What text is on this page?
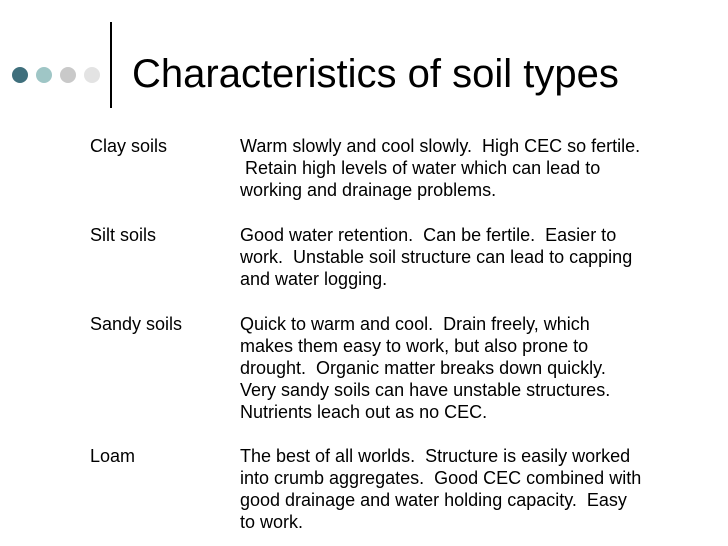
Characteristics of soil types
Clay soils	Warm slowly and cool slowly.  High CEC so fertile.
Retain high levels of water which can lead to
working and drainage problems.
Silt soils	Good water retention.  Can be fertile.  Easier to
work.  Unstable soil structure can lead to capping
and water logging.
Sandy soils	Quick to warm and cool.  Drain freely, which
makes them easy to work, but also prone to
drought.  Organic matter breaks down quickly.
Very sandy soils can have unstable structures.
Nutrients leach out as no CEC.
Loam	The best of all worlds.  Structure is easily worked
into crumb aggregates.  Good CEC combined with
good drainage and water holding capacity.  Easy
to work.
